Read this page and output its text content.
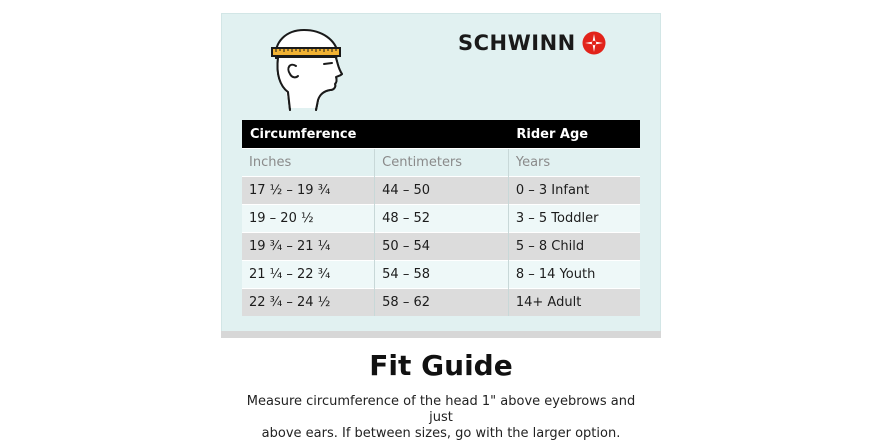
SCHWINN
Circumference		Rider Age
Inches	Centimeters	Years
17 ½ – 19 ¾	44 – 50	0 – 3 Infant
19 – 20 ½	48 – 52	3 – 5 Toddler
19 ¾ – 21 ¼	50 – 54	5 – 8 Child
21 ¼ – 22 ¾	54 – 58	8 – 14 Youth
22 ¾ – 24 ½	58 – 62	14+ Adult
Fit Guide
Measure circumference of the head 1" above eyebrows and just
above ears. If between sizes, go with the larger option.
